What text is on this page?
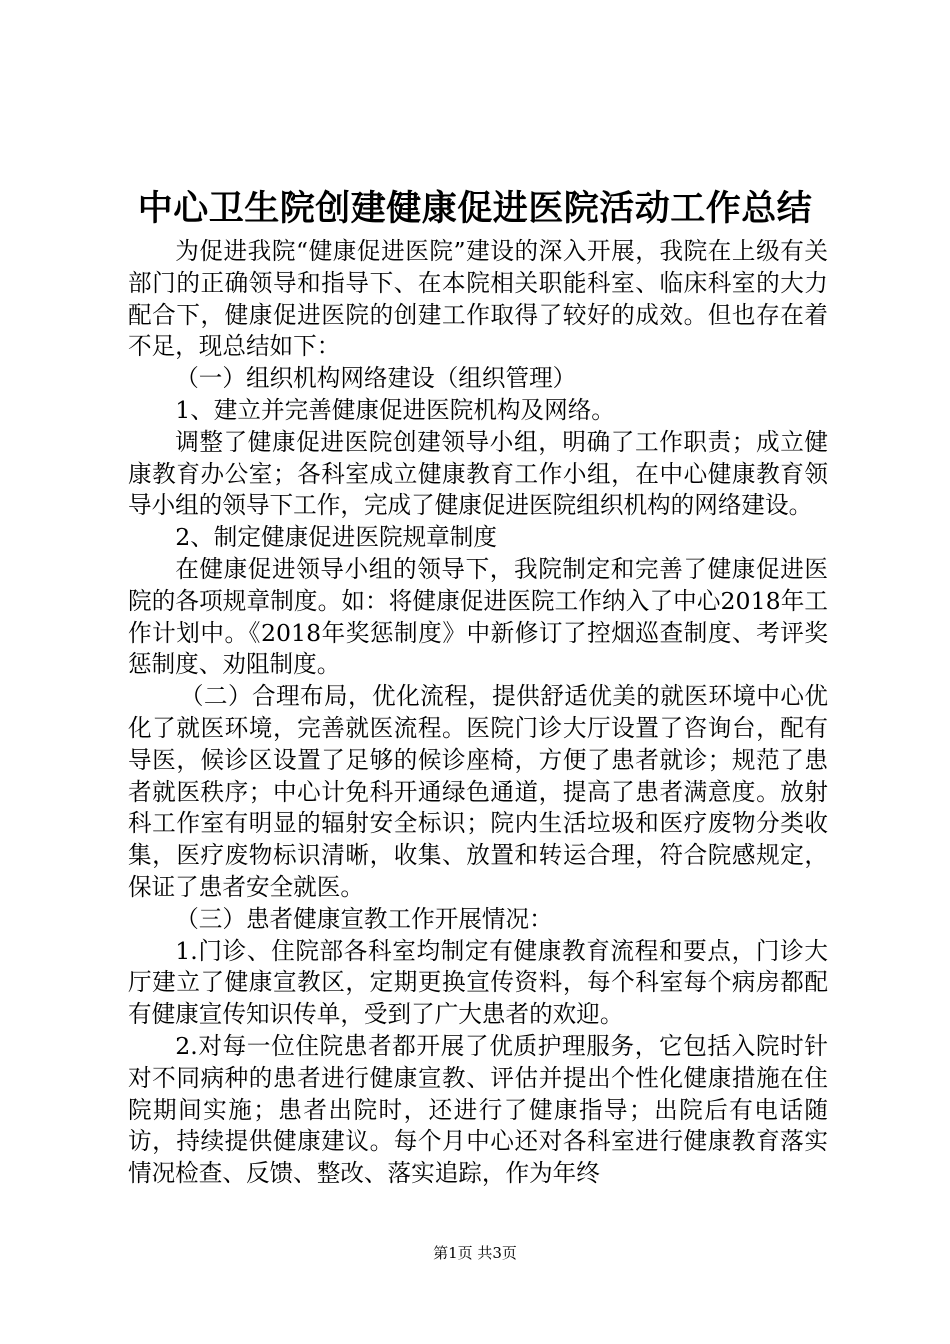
中心卫生院创建健康促进医院活动工作总结

为促进我院“健康促进医院”建设的深入开展，我院在上级有关部门的正确领导和指导下、在本院相关职能科室、临床科室的大力配合下，健康促进医院的创建工作取得了较好的成效。但也存在着不足，现总结如下：

（一）组织机构网络建设（组织管理）

1、建立并完善健康促进医院机构及网络。

调整了健康促进医院创建领导小组，明确了工作职责；成立健康教育办公室；各科室成立健康教育工作小组，在中心健康教育领导小组的领导下工作，完成了健康促进医院组织机构的网络建设。

2、制定健康促进医院规章制度

在健康促进领导小组的领导下，我院制定和完善了健康促进医院的各项规章制度。如：将健康促进医院工作纳入了中心2018年工作计划中。《2018年奖惩制度》中新修订了控烟巡查制度、考评奖惩制度、劝阻制度。

（二）合理布局，优化流程，提供舒适优美的就医环境中心优化了就医环境，完善就医流程。医院门诊大厅设置了咨询台，配有导医，候诊区设置了足够的候诊座椅，方便了患者就诊；规范了患者就医秩序；中心计免科开通绿色通道，提高了患者满意度。放射科工作室有明显的辐射安全标识；院内生活垃圾和医疗废物分类收集，医疗废物标识清晰，收集、放置和转运合理，符合院感规定，保证了患者安全就医。

（三）患者健康宣教工作开展情况：

1.门诊、住院部各科室均制定有健康教育流程和要点，门诊大厅建立了健康宣教区，定期更换宣传资料，每个科室每个病房都配有健康宣传知识传单，受到了广大患者的欢迎。

2.对每一位住院患者都开展了优质护理服务，它包括入院时针对不同病种的患者进行健康宣教、评估并提出个性化健康措施在住院期间实施；患者出院时，还进行了健康指导；出院后有电话随访，持续提供健康建议。每个月中心还对各科室进行健康教育落实情况检查、反馈、整改、落实追踪，作为年终

第1页 共3页
